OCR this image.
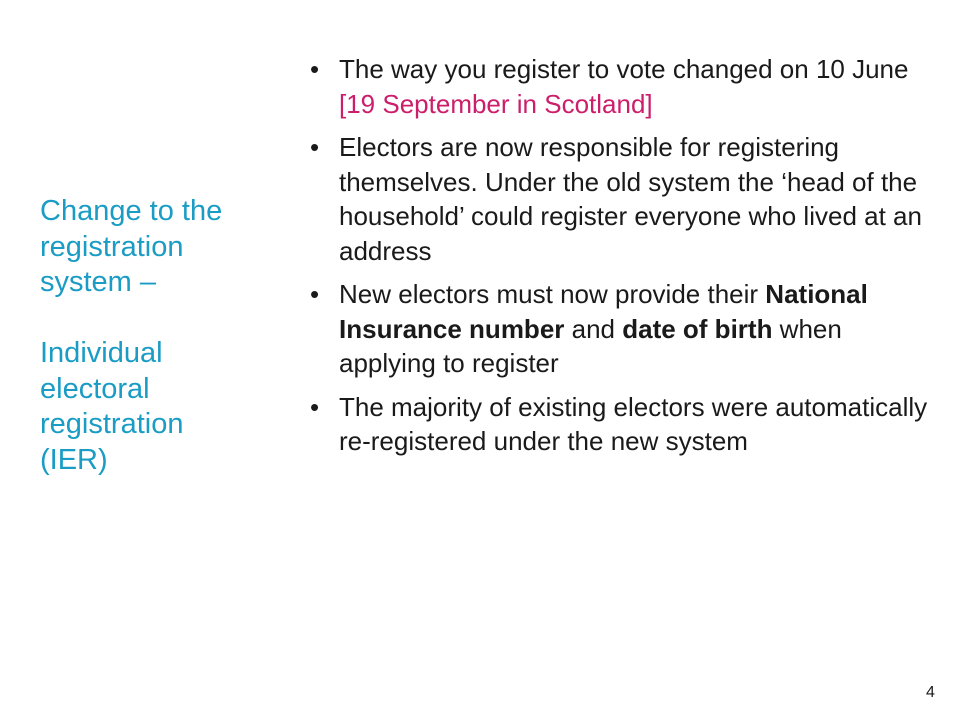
Change to the
registration
system –
Individual
electoral
registration
(IER)
• The way you register to vote changed on 10 June [19 September in Scotland]
• Electors are now responsible for registering themselves. Under the old system the ‘head of the household’ could register everyone who lived at an address
• New electors must now provide their National Insurance number and date of birth when applying to register
• The majority of existing electors were automatically re-registered under the new system
4
